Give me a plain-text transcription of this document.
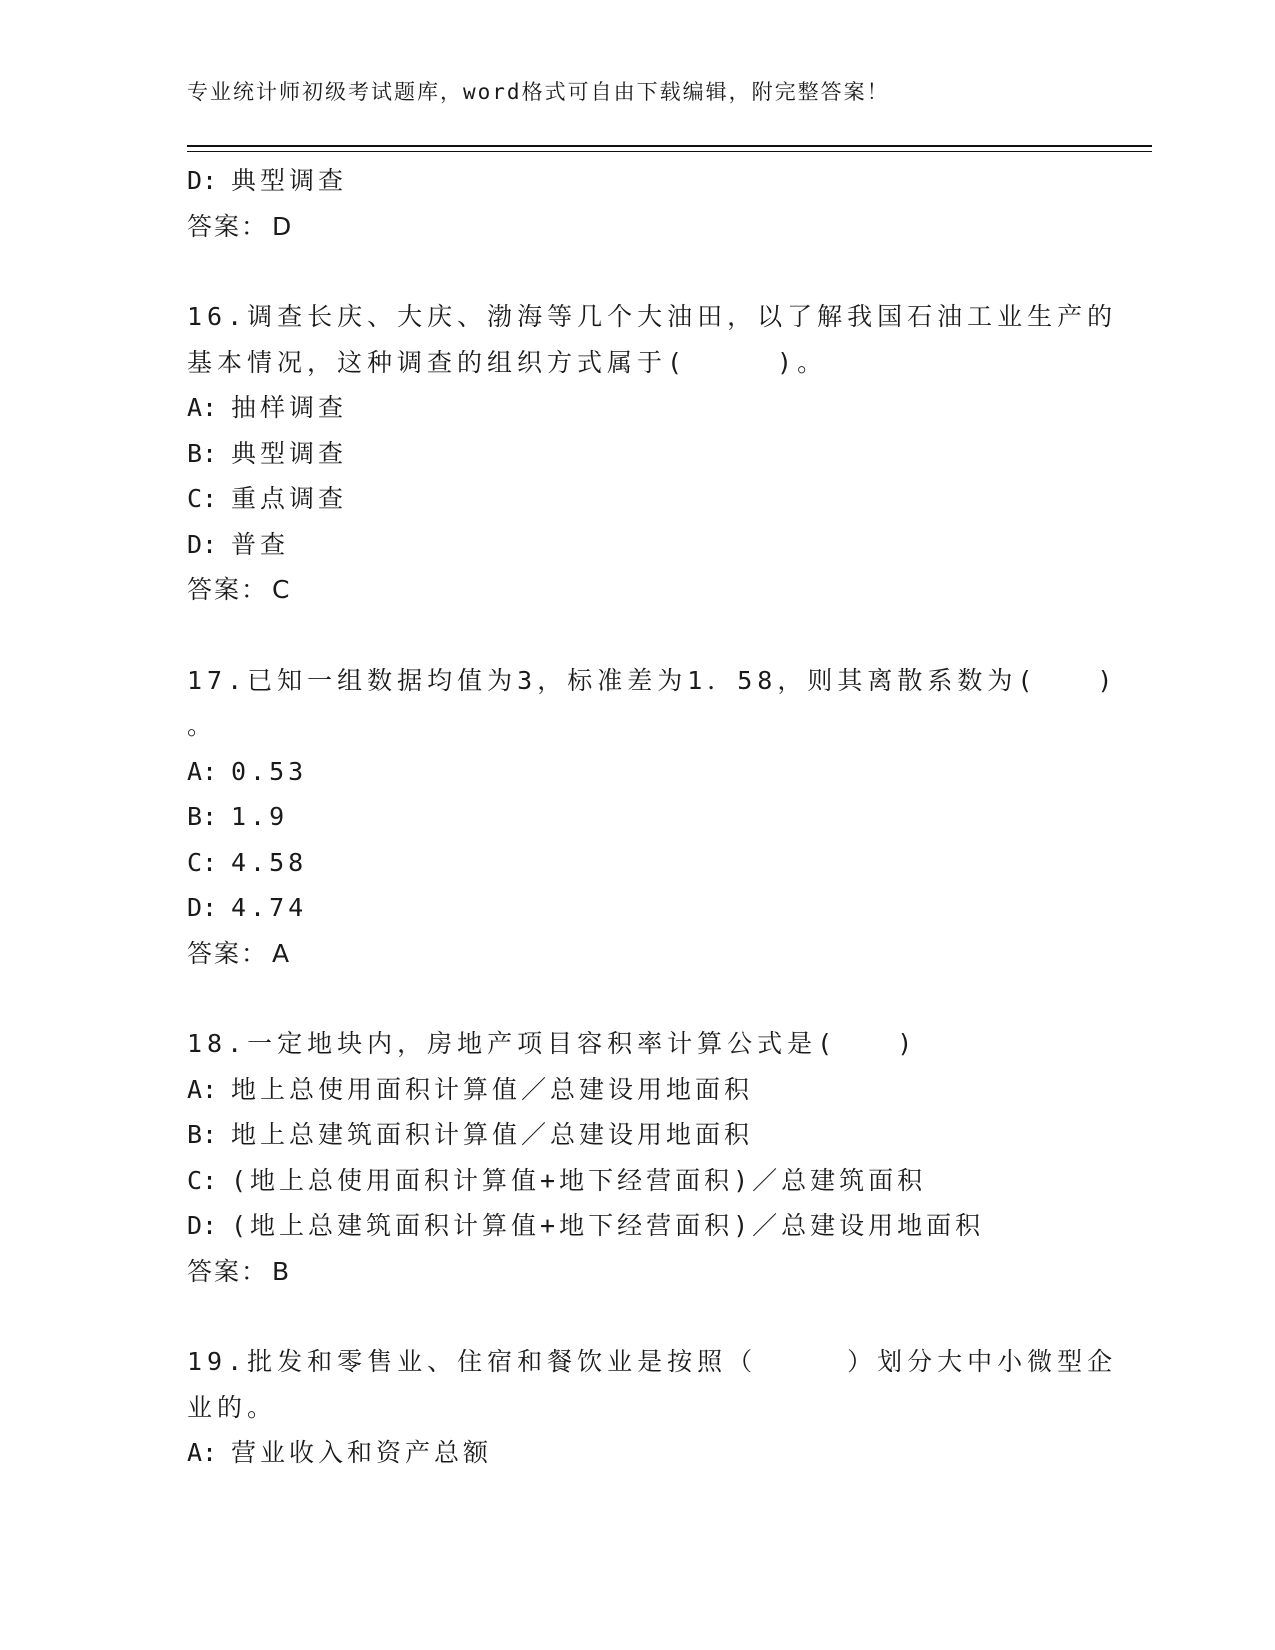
专业统计师初级考试题库，word格式可自由下载编辑，附完整答案！
D: 典型调查
答案： D
16.调查长庆、大庆、渤海等几个大油田，以了解我国石油工业生产的
基本情况，这种调查的组织方式属于(　　　)。
A: 抽样调查
B: 典型调查
C: 重点调查
D: 普查
答案： C
17.已知一组数据均值为3，标准差为1．58，则其离散系数为(　　)
。
A: 0.53
B: 1.9
C: 4.58
D: 4.74
答案： A
18.一定地块内，房地产项目容积率计算公式是(　　)
A: 地上总使用面积计算值／总建设用地面积
B: 地上总建筑面积计算值／总建设用地面积
C: (地上总使用面积计算值+地下经营面积)／总建筑面积
D: (地上总建筑面积计算值+地下经营面积)／总建设用地面积
答案： B
19.批发和零售业、住宿和餐饮业是按照（　　　）划分大中小微型企
业的。
A: 营业收入和资产总额
